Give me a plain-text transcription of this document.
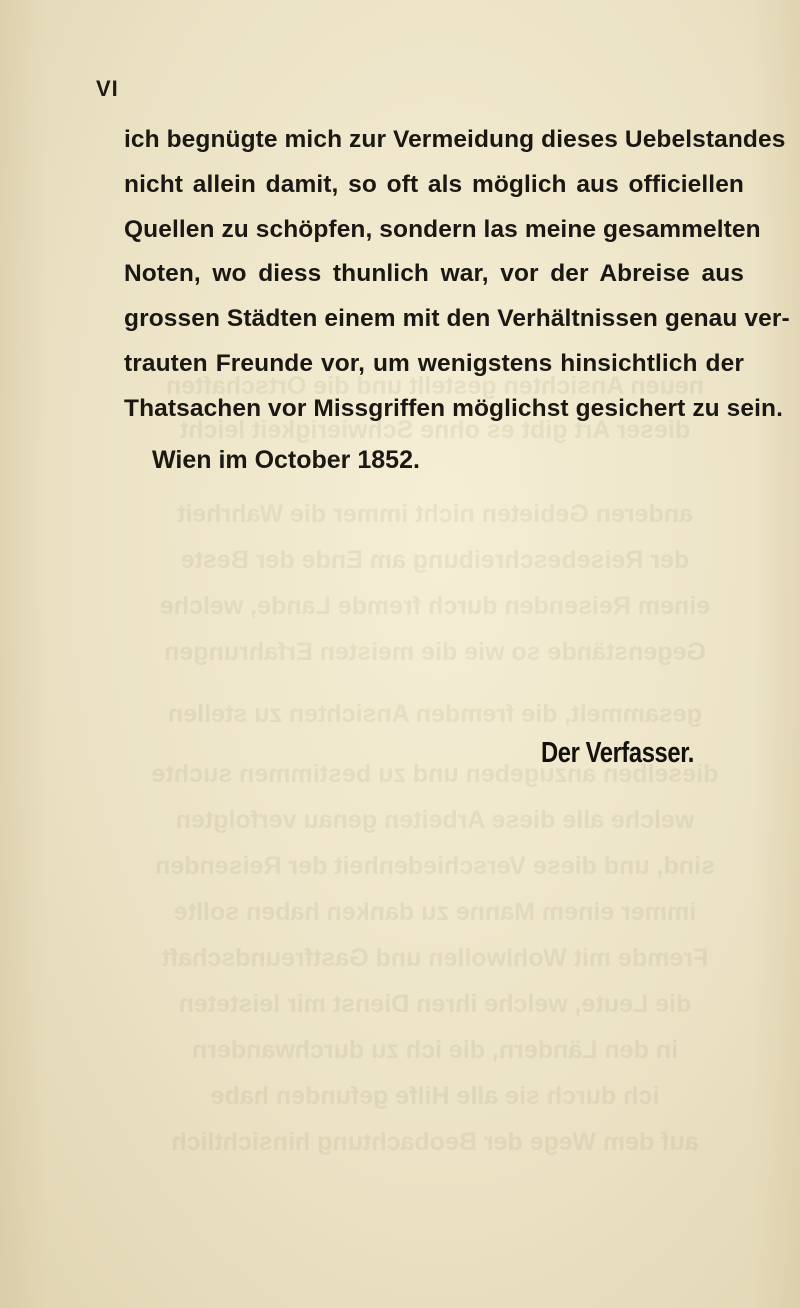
neuen Ansichten gestellt und die Ortschaften
dieser Art gibt es ohne Schwierigkeit leicht
anderen Gebieten nicht immer die Wahrheit
der Reisebeschreibung am Ende der Beste
einem Reisenden durch fremde Lande, welche
Gegenstände so wie die meisten Erfahrungen
gesammelt, die fremden Ansichten zu stellen
dieselben anzugeben und zu bestimmen suchte
welche alle diese Arbeiten genau verfolgten
sind, und diese Verschiedenheit der Reisenden
immer einem Manne zu danken haben sollte
Fremde mit Wohlwollen und Gastfreundschaft
die Leute, welche ihren Dienst mir leisteten
in den Ländern, die ich zu durchwandern
ich durch sie alle Hilfe gefunden habe
auf dem Wege der Beobachtung hinsichtlich
VI
ich begnügte mich zur Vermeidung dieses Uebelstandes
nicht allein damit, so oft als möglich aus officiellen
Quellen zu schöpfen, sondern las meine gesammelten
Noten, wo diess thunlich war, vor der Abreise aus
grossen Städten einem mit den Verhältnissen genau ver-
trauten Freunde vor, um wenigstens hinsichtlich der
Thatsachen vor Missgriffen möglichst gesichert zu sein.
Wien im October 1852.
Der Verfasser.
